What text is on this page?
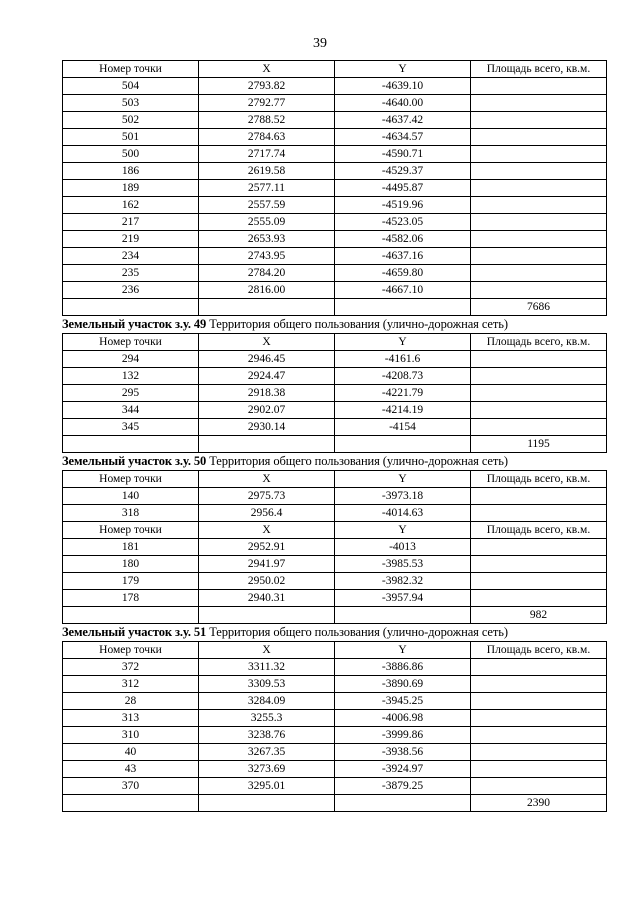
39
Номер точки	X	Y	Площадь всего, кв.м.
504	2793.82	-4639.10	
503	2792.77	-4640.00	
502	2788.52	-4637.42	
501	2784.63	-4634.57	
500	2717.74	-4590.71	
186	2619.58	-4529.37	
189	2577.11	-4495.87	
162	2557.59	-4519.96	
217	2555.09	-4523.05	
219	2653.93	-4582.06	
234	2743.95	-4637.16	
235	2784.20	-4659.80	
236	2816.00	-4667.10	
			7686
Земельный участок з.у. 49 Территория общего пользования (улично-дорожная сеть)
Номер точки	X	Y	Площадь всего, кв.м.
294	2946.45	-4161.6	
132	2924.47	-4208.73	
295	2918.38	-4221.79	
344	2902.07	-4214.19	
345	2930.14	-4154	
			1195
Земельный участок з.у. 50 Территория общего пользования (улично-дорожная сеть)
Номер точки	X	Y	Площадь всего, кв.м.
140	2975.73	-3973.18	
318	2956.4	-4014.63	
Номер точки	X	Y	Площадь всего, кв.м.
181	2952.91	-4013	
180	2941.97	-3985.53	
179	2950.02	-3982.32	
178	2940.31	-3957.94	
			982
Земельный участок з.у. 51 Территория общего пользования (улично-дорожная сеть)
Номер точки	X	Y	Площадь всего, кв.м.
372	3311.32	-3886.86	
312	3309.53	-3890.69	
28	3284.09	-3945.25	
313	3255.3	-4006.98	
310	3238.76	-3999.86	
40	3267.35	-3938.56	
43	3273.69	-3924.97	
370	3295.01	-3879.25	
			2390
